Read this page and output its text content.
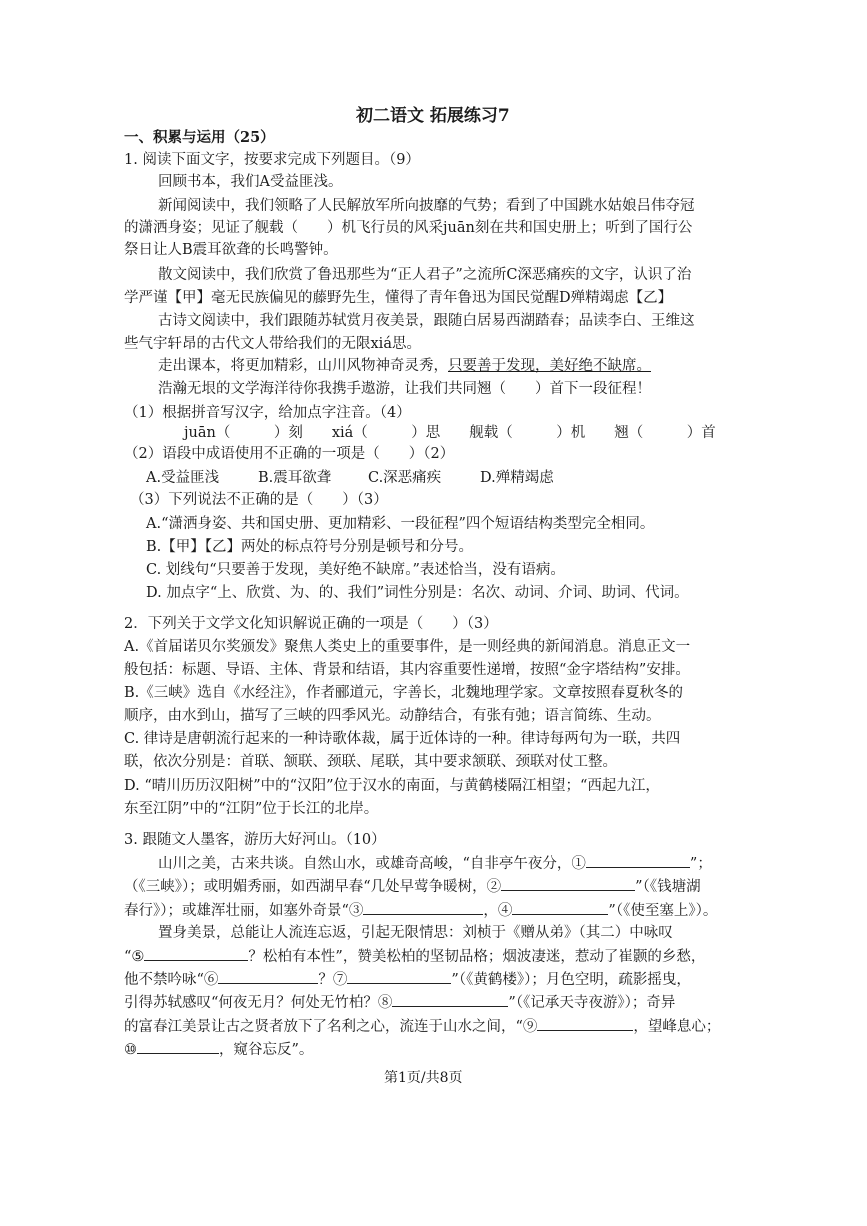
初二语文 拓展练习7
一、积累与运用（25）
1. 阅读下面文字，按要求完成下列题目。（9）
回顾书本，我们A受益匪浅。
新闻阅读中，我们领略了人民解放军所向披靡的气势；看到了中国跳水姑娘吕伟夺冠
的潇洒身姿；见证了舰载（　　）机飞行员的风采juān刻在共和国史册上；听到了国行公
祭日让人B震耳欲聋的长鸣警钟。
散文阅读中，我们欣赏了鲁迅那些为“正人君子”之流所C深恶痛疾的文字，认识了治
学严谨【甲】毫无民族偏见的藤野先生，懂得了青年鲁迅为国民觉醒D殚精竭虑【乙】
古诗文阅读中，我们跟随苏轼赏月夜美景，跟随白居易西湖踏春；品读李白、王维这
些气宇轩昂的古代文人带给我们的无限xiá思。
走出课本，将更加精彩，山川风物神奇灵秀，只要善于发现，美好绝不缺席。
浩瀚无垠的文学海洋待你我携手遨游，让我们共同翘（　　）首下一段征程！
（1）根据拼音写汉字，给加点字注音。（4）
juān（　　　）刻　　xiá（　　　）思　　舰载（　　　）机　　翘（　　　）首
（2）语段中成语使用不正确的一项是（　　）（2）
A.受益匪浅	B.震耳欲聋	C.深恶痛疾	D.殚精竭虑
（3）下列说法不正确的是（　　）（3）
A.“潇洒身姿、共和国史册、更加精彩、一段征程”四个短语结构类型完全相同。
B.【甲】【乙】两处的标点符号分别是顿号和分号。
C. 划线句“只要善于发现，美好绝不缺席。”表述恰当，没有语病。
D. 加点字“上、欣赏、为、的、我们”词性分别是：名次、动词、介词、助词、代词。
2．下列关于文学文化知识解说正确的一项是（　　）（3）
A.《首届诺贝尔奖颁发》聚焦人类史上的重要事件，是一则经典的新闻消息。消息正文一
般包括：标题、导语、主体、背景和结语，其内容重要性递增，按照“金字塔结构”安排。
B.《三峡》选自《水经注》，作者郦道元，字善长，北魏地理学家。文章按照春夏秋冬的
顺序，由水到山，描写了三峡的四季风光。动静结合，有张有弛；语言简练、生动。
C. 律诗是唐朝流行起来的一种诗歌体裁，属于近体诗的一种。律诗每两句为一联，共四
联，依次分别是：首联、颔联、颈联、尾联，其中要求颔联、颈联对仗工整。
D. “晴川历历汉阳树”中的“汉阳”位于汉水的南面，与黄鹤楼隔江相望；“西起九江，
东至江阴”中的“江阴”位于长江的北岸。
3. 跟随文人墨客，游历大好河山。（10）
山川之美，古来共谈。自然山水，或雄奇高峻，“自非亭午夜分，①	”；
（《三峡》）；或明媚秀丽，如西湖早春“几处早莺争暖树，②	”（《钱塘湖
春行》）；或雄浑壮丽，如塞外奇景“③	，④	”（《使至塞上》）。
置身美景，总能让人流连忘返，引起无限情思：刘桢于《赠从弟》（其二）中咏叹
“⑤	？松柏有本性”，赞美松柏的坚韧品格；烟波凄迷，惹动了崔颢的乡愁，
他不禁吟咏“⑥	？⑦	”（《黄鹤楼》）；月色空明，疏影摇曳，
引得苏轼感叹“何夜无月？何处无竹柏？⑧	”（《记承天寺夜游》）；奇异
的富春江美景让古之贤者放下了名利之心，流连于山水之间，“⑨	，望峰息心；
⑩	，窥谷忘反”。
第1页/共8页
